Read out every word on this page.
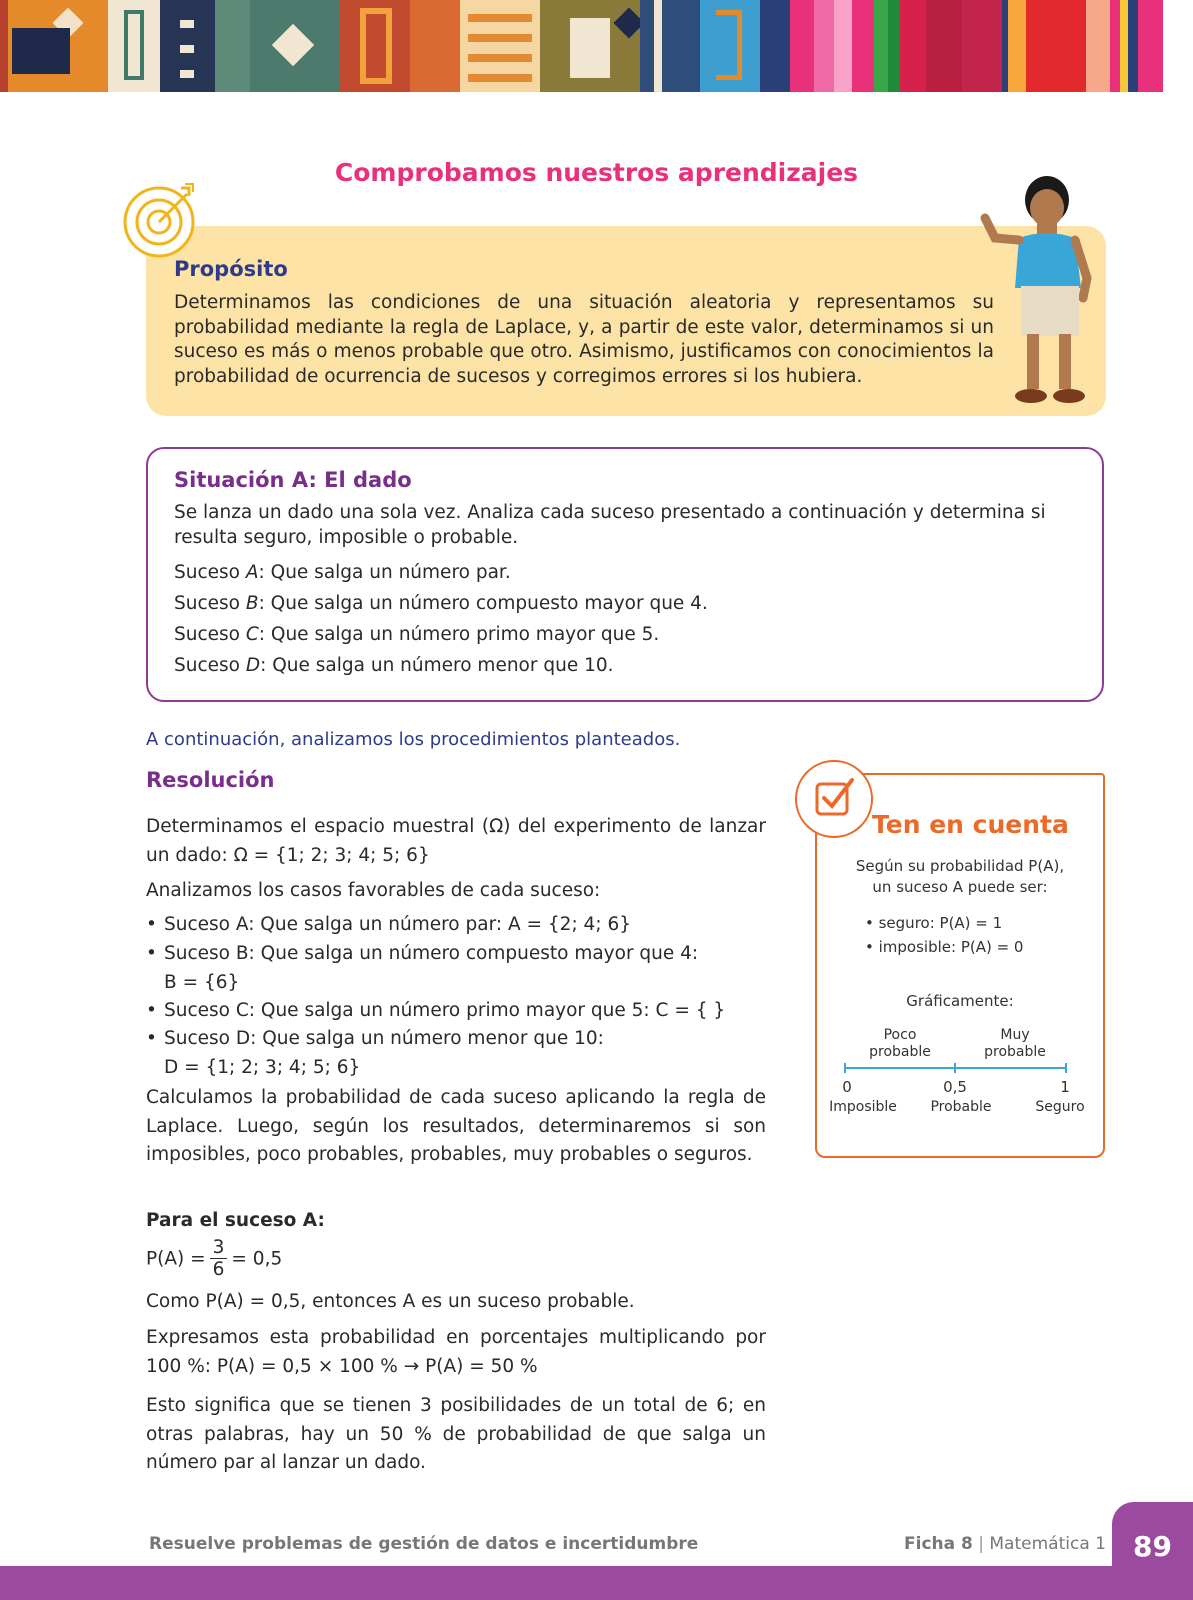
Comprobamos nuestros aprendizajes
Propósito
Determinamos las condiciones de una situación aleatoria y representamos su probabilidad mediante la regla de Laplace, y, a partir de este valor, determinamos si un suceso es más o menos probable que otro. Asimismo, justificamos con conocimientos la probabilidad de ocurrencia de sucesos y corregimos errores si los hubiera.
Situación A: El dado
Se lanza un dado una sola vez. Analiza cada suceso presentado a continuación y determina si resulta seguro, imposible o probable.
Suceso A: Que salga un número par.
Suceso B: Que salga un número compuesto mayor que 4.
Suceso C: Que salga un número primo mayor que 5.
Suceso D: Que salga un número menor que 10.
A continuación, analizamos los procedimientos planteados.
Resolución
Determinamos el espacio muestral (Ω) del experimento de lanzar un dado: Ω = {1; 2; 3; 4; 5; 6}
Analizamos los casos favorables de cada suceso:
• Suceso A: Que salga un número par: A = {2; 4; 6}
• Suceso B: Que salga un número compuesto mayor que 4:
B = {6}
• Suceso C: Que salga un número primo mayor que 5: C = { }
• Suceso D: Que salga un número menor que 10:
D = {1; 2; 3; 4; 5; 6}
Calculamos la probabilidad de cada suceso aplicando la regla de Laplace. Luego, según los resultados, determinaremos si son imposibles, poco probables, probables, muy probables o seguros.
Para el suceso A:
$P(A) = \frac{3}{6} = 0,5$
Como P(A) = 0,5, entonces A es un suceso probable.
Expresamos esta probabilidad en porcentajes multiplicando por 100 %: P(A) = 0,5 × 100 % → P(A) = 50 %
Esto significa que se tienen 3 posibilidades de un total de 6; en otras palabras, hay un 50 % de probabilidad de que salga un número par al lanzar un dado.
Ten en cuenta
Según su probabilidad P(A),
un suceso A puede ser:
• seguro: P(A) = 1
• imposible: P(A) = 0
Gráficamente:
Poco
probable
Muy
probable
0	0,5	1
Imposible	Probable	Seguro
Resuelve problemas de gestión de datos e incertidumbre	Ficha 8 | Matemática 1 89
